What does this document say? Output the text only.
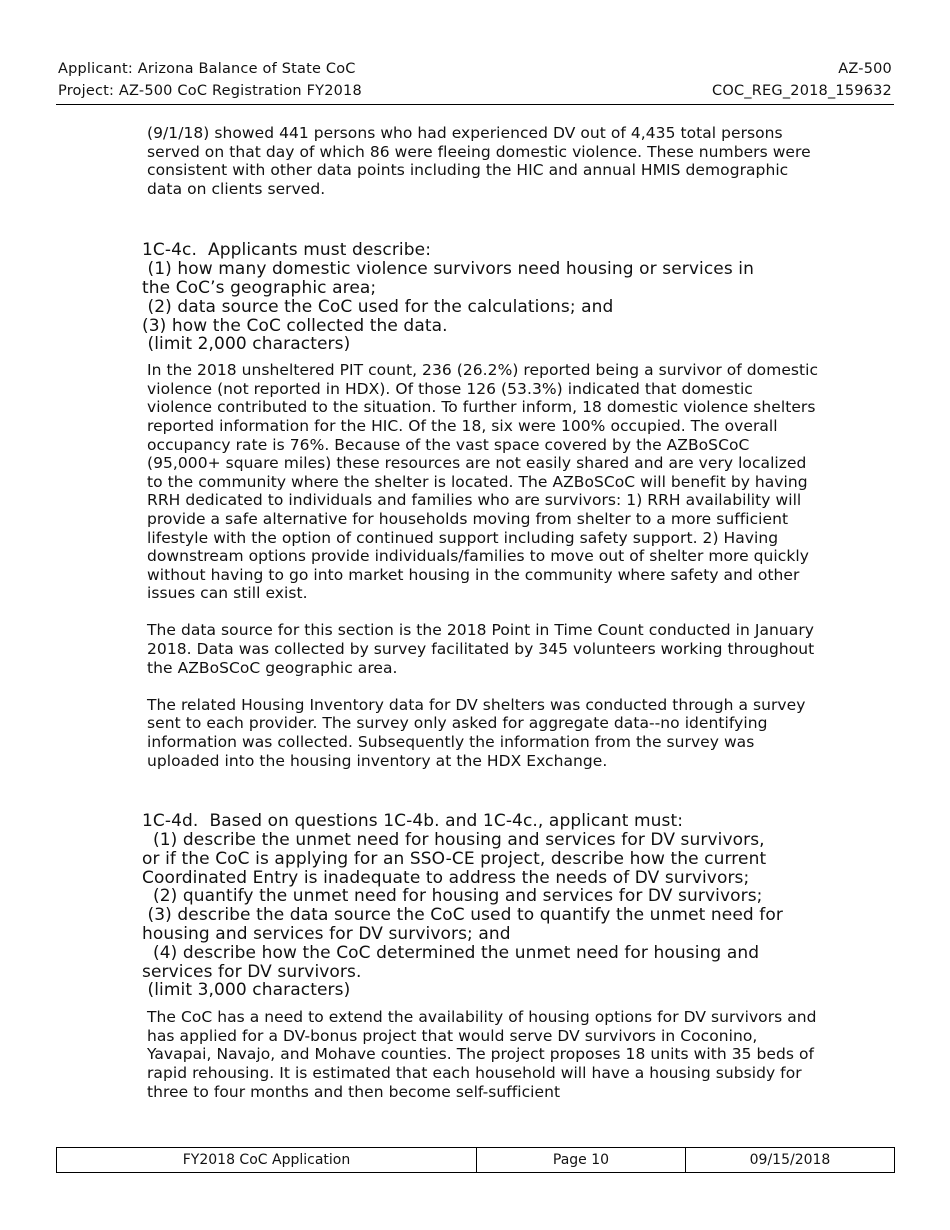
Applicant: Arizona Balance of State CoC	AZ-500
Project: AZ-500 CoC Registration FY2018	COC_REG_2018_159632

(9/1/18) showed 441 persons who had experienced DV out of 4,435 total persons served on that day of which 86 were fleeing domestic violence. These numbers were consistent with other data points including the HIC and annual HMIS demographic data on clients served.

1C-4c.  Applicants must describe:
(1) how many domestic violence survivors need housing or services in
the CoC’s geographic area;
(2) data source the CoC used for the calculations; and
(3) how the CoC collected the data.
(limit 2,000 characters)

In the 2018 unsheltered PIT count, 236 (26.2%) reported being a survivor of domestic violence (not reported in HDX). Of those 126 (53.3%) indicated that domestic violence contributed to the situation. To further inform, 18 domestic violence shelters reported information for the HIC. Of the 18, six were 100% occupied. The overall occupancy rate is 76%. Because of the vast space covered by the AZBoSCoC (95,000+ square miles) these resources are not easily shared and are very localized to the community where the shelter is located. The AZBoSCoC will benefit by having RRH dedicated to individuals and families who are survivors: 1) RRH availability will provide a safe alternative for households moving from shelter to a more sufficient lifestyle with the option of continued support including safety support. 2) Having downstream options provide individuals/families to move out of shelter more quickly without having to go into market housing in the community where safety and other issues can still exist.

The data source for this section is the 2018 Point in Time Count conducted in January 2018. Data was collected by survey facilitated by 345 volunteers working throughout the AZBoSCoC geographic area.

The related Housing Inventory data for DV shelters was conducted through a survey sent to each provider. The survey only asked for aggregate data--no identifying information was collected. Subsequently the information from the survey was uploaded into the housing inventory at the HDX Exchange.

1C-4d.  Based on questions 1C-4b. and 1C-4c., applicant must:
(1) describe the unmet need for housing and services for DV survivors,
or if the CoC is applying for an SSO-CE project, describe how the current
Coordinated Entry is inadequate to address the needs of DV survivors;
(2) quantify the unmet need for housing and services for DV survivors;
(3) describe the data source the CoC used to quantify the unmet need for
housing and services for DV survivors; and
(4) describe how the CoC determined the unmet need for housing and
services for DV survivors.
(limit 3,000 characters)

The CoC has a need to extend the availability of housing options for DV survivors and has applied for a DV-bonus project that would serve DV survivors in Coconino, Yavapai, Navajo, and Mohave counties. The project proposes 18 units with 35 beds of rapid rehousing. It is estimated that each household will have a housing subsidy for three to four months and then become self-sufficient

FY2018 CoC Application	Page 10	09/15/2018
